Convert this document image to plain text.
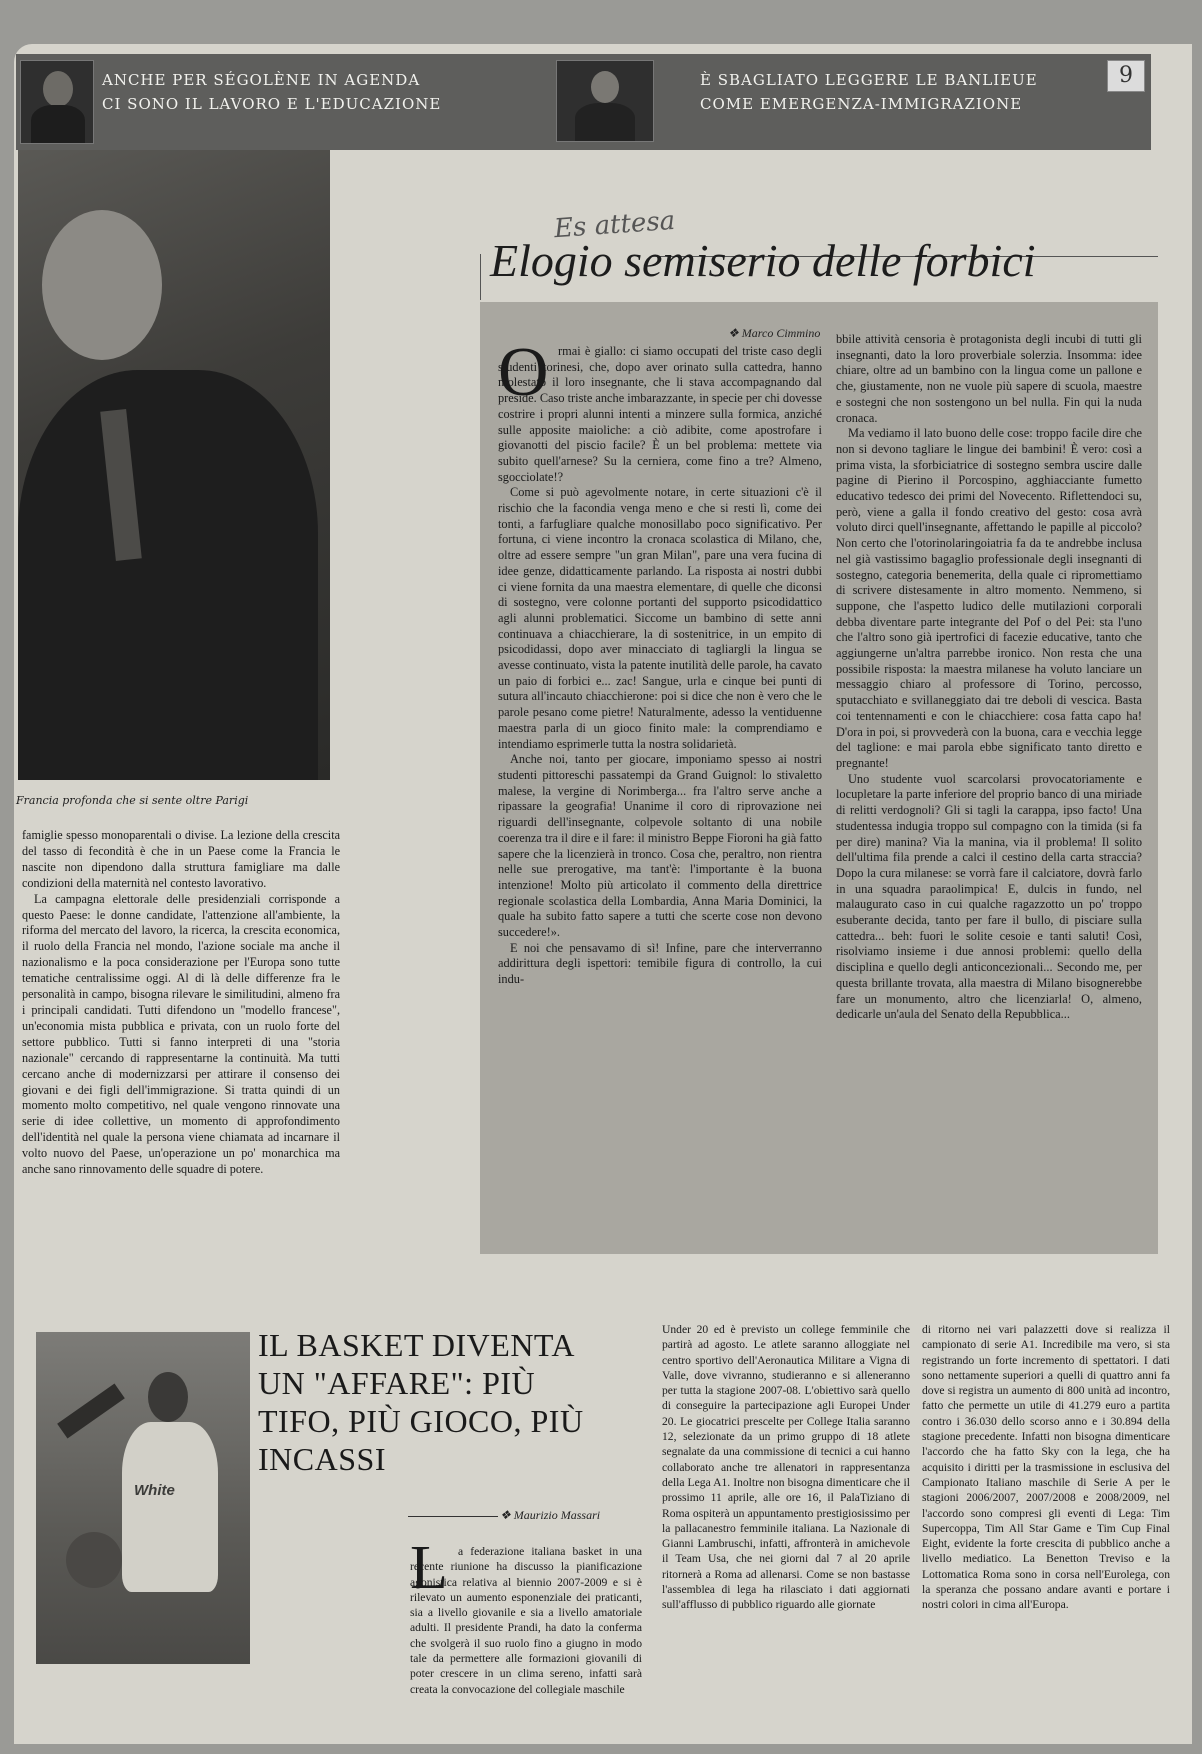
ANCHE PER SÉGOLÈNE IN AGENDA
CI SONO IL LAVORO E L'EDUCAZIONE
È SBAGLIATO LEGGERE LE BANLIEUE
COME EMERGENZA-IMMIGRAZIONE
9
Francia profonda che si sente oltre Parigi

famiglie spesso monoparentali o divise. La lezione della crescita del tasso di fecondità è che in un Paese come la Francia le nascite non dipendono dalla struttura famigliare ma dalle condizioni della maternità nel contesto lavorativo.

La campagna elettorale delle presidenziali corrisponde a questo Paese: le donne candidate, l'attenzione all'ambiente, la riforma del mercato del lavoro, la ricerca, la crescita economica, il ruolo della Francia nel mondo, l'azione sociale ma anche il nazionalismo e la poca considerazione per l'Europa sono tutte tematiche centralissime oggi. Al di là delle differenze fra le personalità in campo, bisogna rilevare le similitudini, almeno fra i principali candidati. Tutti difendono un "modello francese", un'economia mista pubblica e privata, con un ruolo forte del settore pubblico. Tutti si fanno interpreti di una "storia nazionale" cercando di rappresentarne la continuità. Ma tutti cercano anche di modernizzarsi per attirare il consenso dei giovani e dei figli dell'immigrazione. Si tratta quindi di un momento molto competitivo, nel quale vengono rinnovate una serie di idee collettive, un momento di approfondimento dell'identità nel quale la persona viene chiamata ad incarnare il volto nuovo del Paese, un'operazione un po' monarchica ma anche sano rinnovamento delle squadre di potere.

Es attesa
Elogio semiserio delle forbici
❖ Marco Cimmino
O rmai è giallo: ci siamo occupati del triste caso degli studenti torinesi, che, dopo aver orinato sulla cattedra, hanno molestato il loro insegnante, che li stava accompagnando dal preside. Caso triste anche imbarazzante, in specie per chi dovesse costrire i propri alunni intenti a minzere sulla formica, anziché sulle apposite maioliche: a ciò adibite, come apostrofare i giovanotti del piscio facile? È un bel problema: mettete via subito quell'arnese? Su la cerniera, come fino a tre? Almeno, sgocciolate!?

Come si può agevolmente notare, in certe situazioni c'è il rischio che la facondia venga meno e che si resti lì, come dei tonti, a farfugliare qualche monosillabo poco significativo. Per fortuna, ci viene incontro la cronaca scolastica di Milano, che, oltre ad essere sempre "un gran Milan", pare una vera fucina di idee genze, didatticamente parlando. La risposta ai nostri dubbi ci viene fornita da una maestra elementare, di quelle che diconsi di sostegno, vere colonne portanti del supporto psicodidattico agli alunni problematici. Siccome un bambino di sette anni continuava a chiacchierare, la di sostenitrice, in un empito di psicodidassi, dopo aver minacciato di tagliargli la lingua se avesse continuato, vista la patente inutilità delle parole, ha cavato un paio di forbici e... zac! Sangue, urla e cinque bei punti di sutura all'incauto chiacchierone: poi si dice che non è vero che le parole pesano come pietre! Naturalmente, adesso la ventiduenne maestra parla di un gioco finito male: la comprendiamo e intendiamo esprimerle tutta la nostra solidarietà.

Anche noi, tanto per giocare, imponiamo spesso ai nostri studenti pittoreschi passatempi da Grand Guignol: lo stivaletto malese, la vergine di Norimberga... fra l'altro serve anche a ripassare la geografia! Unanime il coro di riprovazione nei riguardi dell'insegnante, colpevole soltanto di una nobile coerenza tra il dire e il fare: il ministro Beppe Fioroni ha già fatto sapere che la licenzierà in tronco. Cosa che, peraltro, non rientra nelle sue prerogative, ma tant'è: l'importante è la buona intenzione! Molto più articolato il commento della direttrice regionale scolastica della Lombardia, Anna Maria Dominici, la quale ha subito fatto sapere a tutti che scerte cose non devono succedere!».

E noi che pensavamo di sì! Infine, pare che interverranno addirittura degli ispettori: temibile figura di controllo, la cui indu-

bbile attività censoria è protagonista degli incubi di tutti gli insegnanti, dato la loro proverbiale solerzia. Insomma: idee chiare, oltre ad un bambino con la lingua come un pallone e che, giustamente, non ne vuole più sapere di scuola, maestre e sostegni che non sostengono un bel nulla. Fin qui la nuda cronaca.

Ma vediamo il lato buono delle cose: troppo facile dire che non si devono tagliare le lingue dei bambini! È vero: così a prima vista, la sforbiciatrice di sostegno sembra uscire dalle pagine di Pierino il Porcospino, agghiacciante fumetto educativo tedesco dei primi del Novecento. Riflettendoci su, però, viene a galla il fondo creativo del gesto: cosa avrà voluto dirci quell'insegnante, affettando le papille al piccolo? Non certo che l'otorinolaringoiatria fa da te andrebbe inclusa nel già vastissimo bagaglio professionale degli insegnanti di sostegno, categoria benemerita, della quale ci ripromettiamo di scrivere distesamente in altro momento. Nemmeno, si suppone, che l'aspetto ludico delle mutilazioni corporali debba diventare parte integrante del Pof o del Pei: sta l'uno che l'altro sono già ipertrofici di facezie educative, tanto che aggiungerne un'altra parrebbe ironico. Non resta che una possibile risposta: la maestra milanese ha voluto lanciare un messaggio chiaro al professore di Torino, percosso, sputacchiato e svillaneggiato dai tre deboli di vescica. Basta coi tentennamenti e con le chiacchiere: cosa fatta capo ha! D'ora in poi, si provvederà con la buona, cara e vecchia legge del taglione: e mai parola ebbe significato tanto diretto e pregnante!

Uno studente vuol scarcolarsi provocatoriamente e locupletare la parte inferiore del proprio banco di una miriade di relitti verdognoli? Gli si tagli la carappa, ipso facto! Una studentessa indugia troppo sul compagno con la timida (si fa per dire) manina? Via la manina, via il problema! Il solito dell'ultima fila prende a calci il cestino della carta straccia? Dopo la cura milanese: se vorrà fare il calciatore, dovrà farlo in una squadra paraolimpica! E, dulcis in fundo, nel malaugurato caso in cui qualche ragazzotto un po' troppo esuberante decida, tanto per fare il bullo, di pisciare sulla cattedra... beh: fuori le solite cesoie e tanti saluti! Così, risolviamo insieme i due annosi problemi: quello della disciplina e quello degli anticoncezionali... Secondo me, per questa brillante trovata, alla maestra di Milano bisognerebbe fare un monumento, altro che licenziarla! O, almeno, dedicarle un'aula del Senato della Repubblica...

White
IL BASKET DIVENTA UN "AFFARE": PIÙ TIFO, PIÙ GIOCO, PIÙ INCASSI
❖ Maurizio Massari
L a federazione italiana basket in una recente riunione ha discusso la pianificazione agonistica relativa al biennio 2007-2009 e si è rilevato un aumento esponenziale dei praticanti, sia a livello giovanile e sia a livello amatoriale adulti. Il presidente Prandi, ha dato la conferma che svolgerà il suo ruolo fino a giugno in modo tale da permettere alle formazioni giovanili di poter crescere in un clima sereno, infatti sarà creata la convocazione del collegiale maschile
Under 20 ed è previsto un college femminile che partirà ad agosto. Le atlete saranno alloggiate nel centro sportivo dell'Aeronautica Militare a Vigna di Valle, dove vivranno, studieranno e si alleneranno per tutta la stagione 2007-08. L'obiettivo sarà quello di conseguire la partecipazione agli Europei Under 20. Le giocatrici prescelte per College Italia saranno 12, selezionate da un primo gruppo di 18 atlete segnalate da una commissione di tecnici a cui hanno collaborato anche tre allenatori in rappresentanza della Lega A1. Inoltre non bisogna dimenticare che il prossimo 11 aprile, alle ore 16, il PalaTiziano di Roma ospiterà un appuntamento prestigiosissimo per la pallacanestro femminile italiana. La Nazionale di Gianni Lambruschi, infatti, affronterà in amichevole il Team Usa, che nei giorni dal 7 al 20 aprile ritornerà a Roma ad allenarsi. Come se non bastasse l'assemblea di lega ha rilasciato i dati aggiornati sull'afflusso di pubblico riguardo alle giornate
di ritorno nei vari palazzetti dove si realizza il campionato di serie A1. Incredibile ma vero, si sta registrando un forte incremento di spettatori. I dati sono nettamente superiori a quelli di quattro anni fa dove si registra un aumento di 800 unità ad incontro, fatto che permette un utile di 41.279 euro a partita contro i 36.030 dello scorso anno e i 30.894 della stagione precedente. Infatti non bisogna dimenticare l'accordo che ha fatto Sky con la lega, che ha acquisito i diritti per la trasmissione in esclusiva del Campionato Italiano maschile di Serie A per le stagioni 2006/2007, 2007/2008 e 2008/2009, nel l'accordo sono compresi gli eventi di Lega: Tim Supercoppa, Tim All Star Game e Tim Cup Final Eight, evidente la forte crescita di pubblico anche a livello mediatico. La Benetton Treviso e la Lottomatica Roma sono in corsa nell'Eurolega, con la speranza che possano andare avanti e portare i nostri colori in cima all'Europa.
